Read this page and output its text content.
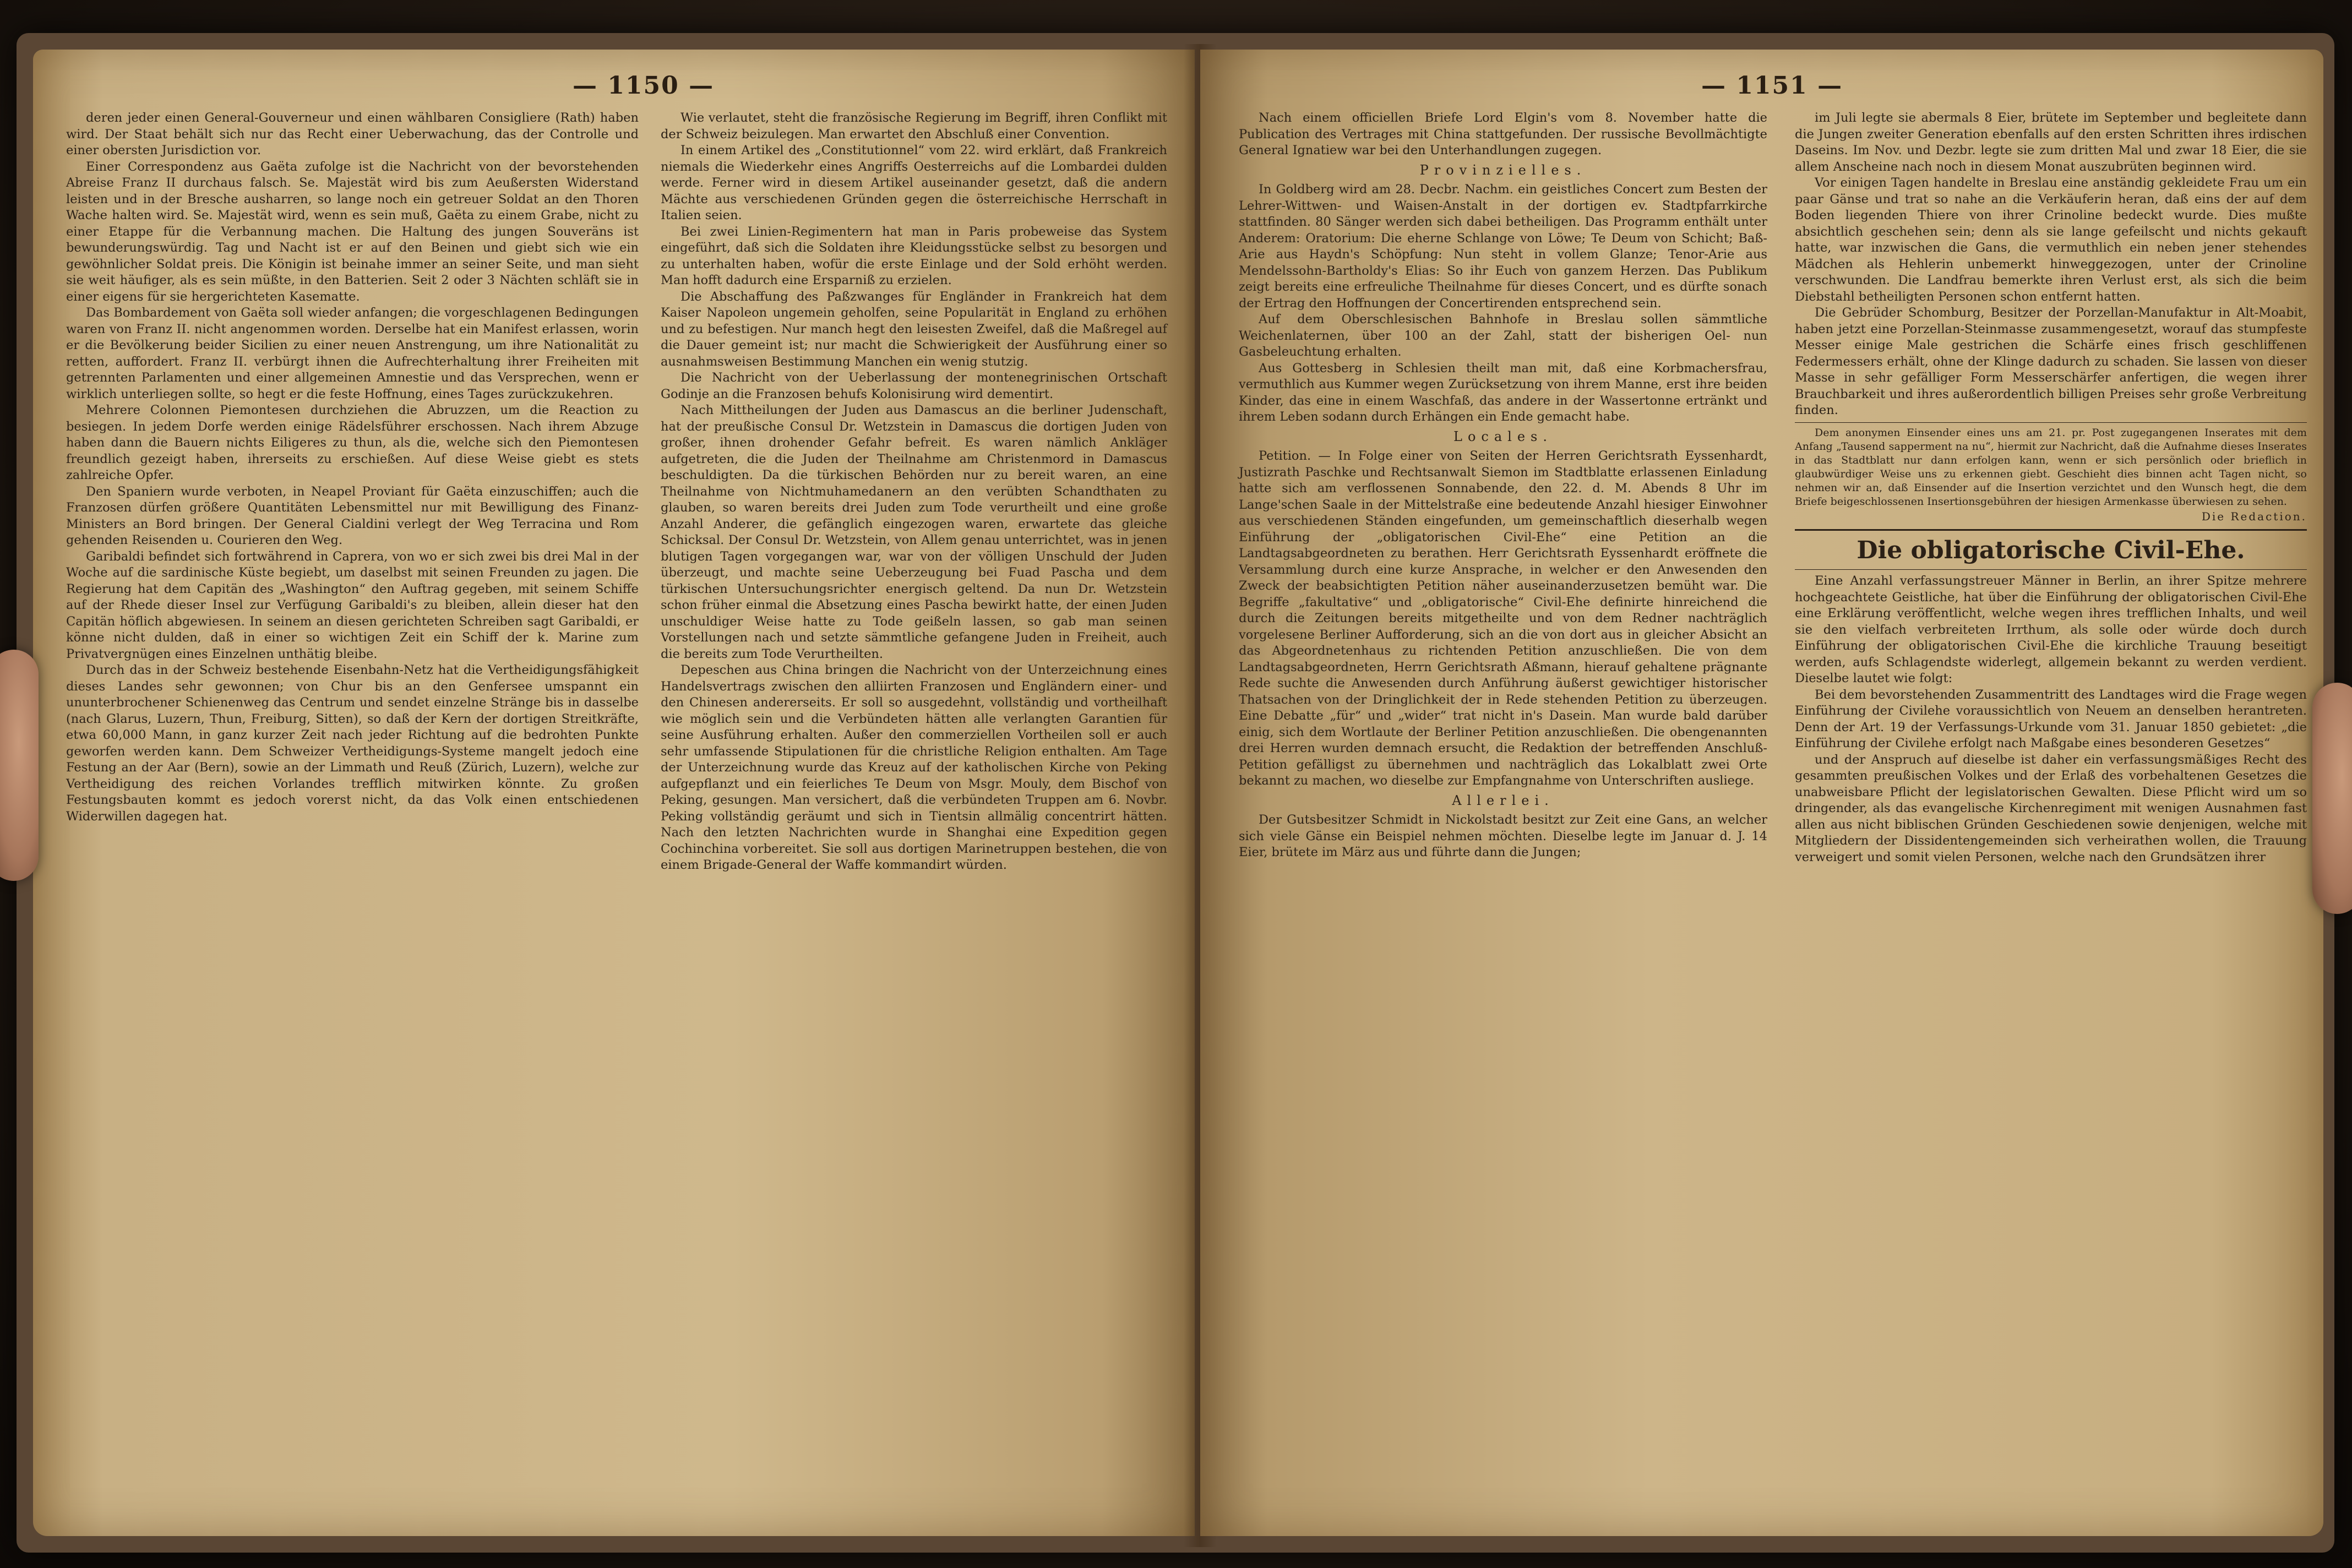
— 1150 —

deren jeder einen General-Gouverneur und einen wählbaren Consigliere (Rath) haben wird. Der Staat behält sich nur das Recht einer Ueberwachung, das der Controlle und einer obersten Jurisdiction vor.

Einer Correspondenz aus Gaëta zufolge ist die Nachricht von der bevorstehenden Abreise Franz II durchaus falsch. Se. Majestät wird bis zum Aeußersten Widerstand leisten und in der Bresche ausharren, so lange noch ein getreuer Soldat an den Thoren Wache halten wird. Se. Majestät wird, wenn es sein muß, Gaëta zu einem Grabe, nicht zu einer Etappe für die Verbannung machen. Die Haltung des jungen Souveräns ist bewunderungswürdig. Tag und Nacht ist er auf den Beinen und giebt sich wie ein gewöhnlicher Soldat preis. Die Königin ist beinahe immer an seiner Seite, und man sieht sie weit häufiger, als es sein müßte, in den Batterien. Seit 2 oder 3 Nächten schläft sie in einer eigens für sie hergerichteten Kasematte.

Das Bombardement von Gaëta soll wieder anfangen; die vorgeschlagenen Bedingungen waren von Franz II. nicht angenommen worden. Derselbe hat ein Manifest erlassen, worin er die Bevölkerung beider Sicilien zu einer neuen Anstrengung, um ihre Nationalität zu retten, auffordert. Franz II. verbürgt ihnen die Aufrechterhaltung ihrer Freiheiten mit getrennten Parlamenten und einer allgemeinen Amnestie und das Versprechen, wenn er wirklich unterliegen sollte, so hegt er die feste Hoffnung, eines Tages zurückzukehren.

Mehrere Colonnen Piemontesen durchziehen die Abruzzen, um die Reaction zu besiegen. In jedem Dorfe werden einige Rädelsführer erschossen. Nach ihrem Abzuge haben dann die Bauern nichts Eiligeres zu thun, als die, welche sich den Piemontesen freundlich gezeigt haben, ihrerseits zu erschießen. Auf diese Weise giebt es stets zahlreiche Opfer.

Den Spaniern wurde verboten, in Neapel Proviant für Gaëta einzuschiffen; auch die Franzosen dürfen größere Quantitäten Lebensmittel nur mit Bewilligung des Finanz-Ministers an Bord bringen. Der General Cialdini verlegt der Weg Terracina und Rom gehenden Reisenden u. Courieren den Weg.

Garibaldi befindet sich fortwährend in Caprera, von wo er sich zwei bis drei Mal in der Woche auf die sardinische Küste begiebt, um daselbst mit seinen Freunden zu jagen. Die Regierung hat dem Capitän des „Washington“ den Auftrag gegeben, mit seinem Schiffe auf der Rhede dieser Insel zur Verfügung Garibaldi's zu bleiben, allein dieser hat den Capitän höflich abgewiesen. In seinem an diesen gerichteten Schreiben sagt Garibaldi, er könne nicht dulden, daß in einer so wichtigen Zeit ein Schiff der k. Marine zum Privatvergnügen eines Einzelnen unthätig bleibe.

Durch das in der Schweiz bestehende Eisenbahn-Netz hat die Vertheidigungsfähigkeit dieses Landes sehr gewonnen; von Chur bis an den Genfersee umspannt ein ununterbrochener Schienenweg das Centrum und sendet einzelne Stränge bis in dasselbe (nach Glarus, Luzern, Thun, Freiburg, Sitten), so daß der Kern der dortigen Streitkräfte, etwa 60,000 Mann, in ganz kurzer Zeit nach jeder Richtung auf die bedrohten Punkte geworfen werden kann. Dem Schweizer Vertheidigungs-Systeme mangelt jedoch eine Festung an der Aar (Bern), sowie an der Limmath und Reuß (Zürich, Luzern), welche zur Vertheidigung des reichen Vorlandes trefflich mitwirken könnte. Zu großen Festungsbauten kommt es jedoch vorerst nicht, da das Volk einen entschiedenen Widerwillen dagegen hat.

Wie verlautet, steht die französische Regierung im Begriff, ihren Conflikt mit der Schweiz beizulegen. Man erwartet den Abschluß einer Convention.

In einem Artikel des „Constitutionnel“ vom 22. wird erklärt, daß Frankreich niemals die Wiederkehr eines Angriffs Oesterreichs auf die Lombardei dulden werde. Ferner wird in diesem Artikel auseinander gesetzt, daß die andern Mächte aus verschiedenen Gründen gegen die österreichische Herrschaft in Italien seien.

Bei zwei Linien-Regimentern hat man in Paris probeweise das System eingeführt, daß sich die Soldaten ihre Kleidungsstücke selbst zu besorgen und zu unterhalten haben, wofür die erste Einlage und der Sold erhöht werden. Man hofft dadurch eine Ersparniß zu erzielen.

Die Abschaffung des Paßzwanges für Engländer in Frankreich hat dem Kaiser Napoleon ungemein geholfen, seine Popularität in England zu erhöhen und zu befestigen. Nur manch hegt den leisesten Zweifel, daß die Maßregel auf die Dauer gemeint ist; nur macht die Schwierigkeit der Ausführung einer so ausnahmsweisen Bestimmung Manchen ein wenig stutzig.

Die Nachricht von der Ueberlassung der montenegrinischen Ortschaft Godinje an die Franzosen behufs Kolonisirung wird dementirt.

Nach Mittheilungen der Juden aus Damascus an die berliner Judenschaft, hat der preußische Consul Dr. Wetzstein in Damascus die dortigen Juden von großer, ihnen drohender Gefahr befreit. Es waren nämlich Ankläger aufgetreten, die die Juden der Theilnahme am Christenmord in Damascus beschuldigten. Da die türkischen Behörden nur zu bereit waren, an eine Theilnahme von Nichtmuhamedanern an den verübten Schandthaten zu glauben, so waren bereits drei Juden zum Tode verurtheilt und eine große Anzahl Anderer, die gefänglich eingezogen waren, erwartete das gleiche Schicksal. Der Consul Dr. Wetzstein, von Allem genau unterrichtet, was in jenen blutigen Tagen vorgegangen war, war von der völligen Unschuld der Juden überzeugt, und machte seine Ueberzeugung bei Fuad Pascha und dem türkischen Untersuchungsrichter energisch geltend. Da nun Dr. Wetzstein schon früher einmal die Absetzung eines Pascha bewirkt hatte, der einen Juden unschuldiger Weise hatte zu Tode geißeln lassen, so gab man seinen Vorstellungen nach und setzte sämmtliche gefangene Juden in Freiheit, auch die bereits zum Tode Verurtheilten.

Depeschen aus China bringen die Nachricht von der Unterzeichnung eines Handelsvertrags zwischen den alliirten Franzosen und Engländern einer- und den Chinesen andererseits. Er soll so ausgedehnt, vollständig und vortheilhaft wie möglich sein und die Verbündeten hätten alle verlangten Garantien für seine Ausführung erhalten. Außer den commerziellen Vortheilen soll er auch sehr umfassende Stipulationen für die christliche Religion enthalten. Am Tage der Unterzeichnung wurde das Kreuz auf der katholischen Kirche von Peking aufgepflanzt und ein feierliches Te Deum von Msgr. Mouly, dem Bischof von Peking, gesungen. Man versichert, daß die verbündeten Truppen am 6. Novbr. Peking vollständig geräumt und sich in Tientsin allmälig concentrirt hätten. Nach den letzten Nachrichten wurde in Shanghai eine Expedition gegen Cochinchina vorbereitet. Sie soll aus dortigen Marinetruppen bestehen, die von einem Brigade-General der Waffe kommandirt würden.

— 1151 —

Nach einem officiellen Briefe Lord Elgin's vom 8. November hatte die Publication des Vertrages mit China stattgefunden. Der russische Bevollmächtigte General Ignatiew war bei den Unterhandlungen zugegen.

Provinzielles.

In Goldberg wird am 28. Decbr. Nachm. ein geistliches Concert zum Besten der Lehrer-Wittwen- und Waisen-Anstalt in der dortigen ev. Stadtpfarrkirche stattfinden. 80 Sänger werden sich dabei betheiligen. Das Programm enthält unter Anderem: Oratorium: Die eherne Schlange von Löwe; Te Deum von Schicht; Baß-Arie aus Haydn's Schöpfung: Nun steht in vollem Glanze; Tenor-Arie aus Mendelssohn-Bartholdy's Elias: So ihr Euch von ganzem Herzen. Das Publikum zeigt bereits eine erfreuliche Theilnahme für dieses Concert, und es dürfte sonach der Ertrag den Hoffnungen der Concertirenden entsprechend sein.

Auf dem Oberschlesischen Bahnhofe in Breslau sollen sämmtliche Weichenlaternen, über 100 an der Zahl, statt der bisherigen Oel- nun Gasbeleuchtung erhalten.

Aus Gottesberg in Schlesien theilt man mit, daß eine Korbmachersfrau, vermuthlich aus Kummer wegen Zurücksetzung von ihrem Manne, erst ihre beiden Kinder, das eine in einem Waschfaß, das andere in der Wassertonne ertränkt und ihrem Leben sodann durch Erhängen ein Ende gemacht habe.

Locales.

Petition. — In Folge einer von Seiten der Herren Gerichtsrath Eyssenhardt, Justizrath Paschke und Rechtsanwalt Siemon im Stadtblatte erlassenen Einladung hatte sich am verflossenen Sonnabende, den 22. d. M. Abends 8 Uhr im Lange'schen Saale in der Mittelstraße eine bedeutende Anzahl hiesiger Einwohner aus verschiedenen Ständen eingefunden, um gemeinschaftlich dieserhalb wegen Einführung der „obligatorischen Civil-Ehe“ eine Petition an die Landtagsabgeordneten zu berathen. Herr Gerichtsrath Eyssenhardt eröffnete die Versammlung durch eine kurze Ansprache, in welcher er den Anwesenden den Zweck der beabsichtigten Petition näher auseinanderzusetzen bemüht war. Die Begriffe „fakultative“ und „obligatorische“ Civil-Ehe definirte hinreichend die durch die Zeitungen bereits mitgetheilte und von dem Redner nachträglich vorgelesene Berliner Aufforderung, sich an die von dort aus in gleicher Absicht an das Abgeordnetenhaus zu richtenden Petition anzuschließen. Die von dem Landtagsabgeordneten, Herrn Gerichtsrath Aßmann, hierauf gehaltene prägnante Rede suchte die Anwesenden durch Anführung äußerst gewichtiger historischer Thatsachen von der Dringlichkeit der in Rede stehenden Petition zu überzeugen. Eine Debatte „für“ und „wider“ trat nicht in's Dasein. Man wurde bald darüber einig, sich dem Wortlaute der Berliner Petition anzuschließen. Die obengenannten drei Herren wurden demnach ersucht, die Redaktion der betreffenden Anschluß-Petition gefälligst zu übernehmen und nachträglich das Lokalblatt zwei Orte bekannt zu machen, wo dieselbe zur Empfangnahme von Unterschriften ausliege.

Allerlei.

Der Gutsbesitzer Schmidt in Nickolstadt besitzt zur Zeit eine Gans, an welcher sich viele Gänse ein Beispiel nehmen möchten. Dieselbe legte im Januar d. J. 14 Eier, brütete im März aus und führte dann die Jungen;

im Juli legte sie abermals 8 Eier, brütete im September und begleitete dann die Jungen zweiter Generation ebenfalls auf den ersten Schritten ihres irdischen Daseins. Im Nov. und Dezbr. legte sie zum dritten Mal und zwar 18 Eier, die sie allem Anscheine nach noch in diesem Monat auszubrüten beginnen wird.

Vor einigen Tagen handelte in Breslau eine anständig gekleidete Frau um ein paar Gänse und trat so nahe an die Verkäuferin heran, daß eins der auf dem Boden liegenden Thiere von ihrer Crinoline bedeckt wurde. Dies mußte absichtlich geschehen sein; denn als sie lange gefeilscht und nichts gekauft hatte, war inzwischen die Gans, die vermuthlich ein neben jener stehendes Mädchen als Hehlerin unbemerkt hinweggezogen, unter der Crinoline verschwunden. Die Landfrau bemerkte ihren Verlust erst, als sich die beim Diebstahl betheiligten Personen schon entfernt hatten.

Die Gebrüder Schomburg, Besitzer der Porzellan-Manufaktur in Alt-Moabit, haben jetzt eine Porzellan-Steinmasse zusammengesetzt, worauf das stumpfeste Messer einige Male gestrichen die Schärfe eines frisch geschliffenen Federmessers erhält, ohne der Klinge dadurch zu schaden. Sie lassen von dieser Masse in sehr gefälliger Form Messerschärfer anfertigen, die wegen ihrer Brauchbarkeit und ihres außerordentlich billigen Preises sehr große Verbreitung finden.

Dem anonymen Einsender eines uns am 21. pr. Post zugegangenen Inserates mit dem Anfang „Tausend sapperment na nu“, hiermit zur Nachricht, daß die Aufnahme dieses Inserates in das Stadtblatt nur dann erfolgen kann, wenn er sich persönlich oder brieflich in glaubwürdiger Weise uns zu erkennen giebt. Geschieht dies binnen acht Tagen nicht, so nehmen wir an, daß Einsender auf die Insertion verzichtet und den Wunsch hegt, die dem Briefe beigeschlossenen Insertionsgebühren der hiesigen Armenkasse überwiesen zu sehen.

Die Redaction.

Die obligatorische Civil-Ehe.

Eine Anzahl verfassungstreuer Männer in Berlin, an ihrer Spitze mehrere hochgeachtete Geistliche, hat über die Einführung der obligatorischen Civil-Ehe eine Erklärung veröffentlicht, welche wegen ihres trefflichen Inhalts, und weil sie den vielfach verbreiteten Irrthum, als solle oder würde doch durch Einführung der obligatorischen Civil-Ehe die kirchliche Trauung beseitigt werden, aufs Schlagendste widerlegt, allgemein bekannt zu werden verdient. Dieselbe lautet wie folgt:

Bei dem bevorstehenden Zusammentritt des Landtages wird die Frage wegen Einführung der Civilehe voraussichtlich von Neuem an denselben herantreten. Denn der Art. 19 der Verfassungs-Urkunde vom 31. Januar 1850 gebietet: „die Einführung der Civilehe erfolgt nach Maßgabe eines besonderen Gesetzes“

und der Anspruch auf dieselbe ist daher ein verfassungsmäßiges Recht des gesammten preußischen Volkes und der Erlaß des vorbehaltenen Gesetzes die unabweisbare Pflicht der legislatorischen Gewalten. Diese Pflicht wird um so dringender, als das evangelische Kirchenregiment mit wenigen Ausnahmen fast allen aus nicht biblischen Gründen Geschiedenen sowie denjenigen, welche mit Mitgliedern der Dissidentengemeinden sich verheirathen wollen, die Trauung verweigert und somit vielen Personen, welche nach den Grundsätzen ihrer
